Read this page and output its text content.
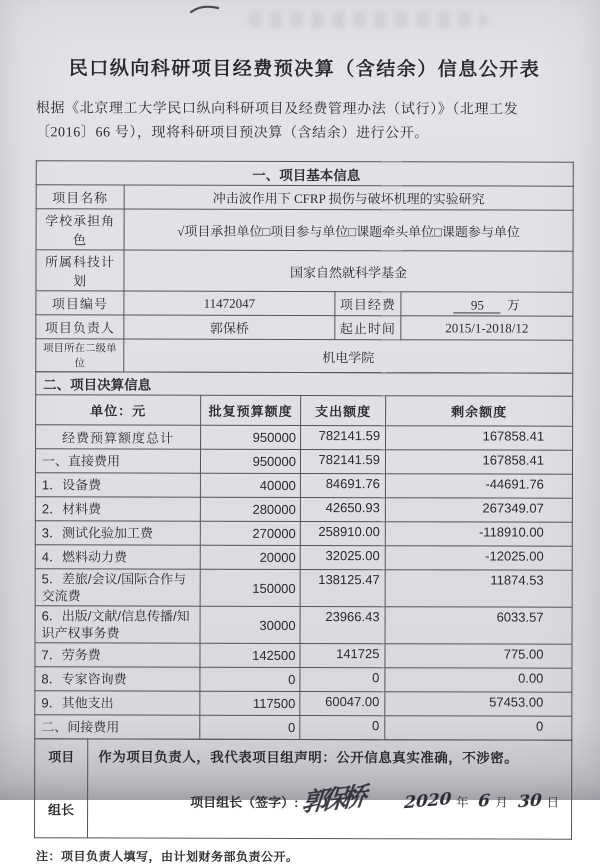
民口纵向科研项目经费预决算（含结余）信息公开表

根据《北京理工大学民口纵向科研项目及经费管理办法（试行）》（北理工发
〔2016〕66 号），现将科研项目预决算（含结余）进行公开。

一、项目基本信息			
项目名称	冲击波作用下 CFRP 损伤与破坏机理的实验研究		
学校承担角色	√项目承担单位□项目参与单位□课题牵头单位□课题参与单位		
所属科技计划	国家自然就科学基金		
项目编号	11472047	项目经费	95 万
项目负责人	郭保桥	起止时间	2015/1-2018/12
项目所在二级单位	机电学院		
二、项目决算信息			
单位：元	批复预算额度	支出额度	剩余额度
经费预算额度总计	950000	782141.59	167858.41
一、直接费用	950000	782141.59	167858.41
1．设备费	40000	84691.76	-44691.76
2．材料费	280000	42650.93	267349.07
3．测试化验加工费	270000	258910.00	-118910.00
4．燃料动力费	20000	32025.00	-12025.00
5．差旅/会议/国际合作与交流费	150000	138125.47	11874.53
6．出版/文献/信息传播/知识产权事务费	30000	23966.43	6033.57
7．劳务费	142500	141725	775.00
8．专家咨询费	0	0	0.00
9．其他支出	117500	60047.00	57453.00
二、间接费用	0	0	0
项目
组长

作为项目负责人，我代表项目组声明：公开信息真实准确，不涉密。

项目组长（签字）: 郭保桥 2020 年 6 月 30 日

注：项目负责人填写，由计划财务部负责公开。
